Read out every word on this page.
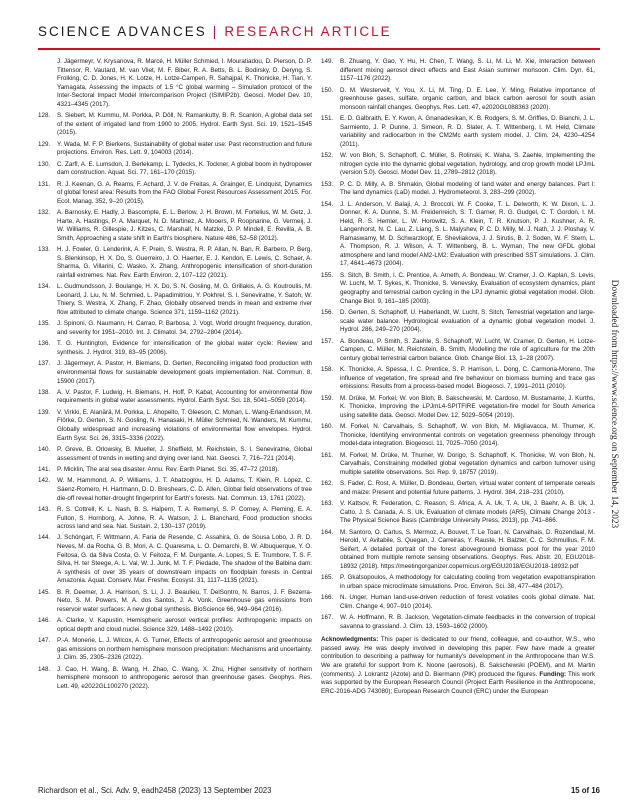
SCIENCE ADVANCES | RESEARCH ARTICLE
J. Jägermeyr, V. Krysanova, R. Marcé, H. Müller Schmied, I. Mouratiadou, D. Pierson, D. P. Tittensor, R. Vautard, M. van Vliet, M. F. Biber, R. A. Betts, B. L. Bodirsky, D. Deryng, S. Frolking, C. D. Jones, H. K. Lotze, H. Lotze-Campen, R. Sahajpal, K. Thonicke, H. Tian, Y. Yamagata, Assessing the impacts of 1.5 °C global warming – Simulation protocol of the Inter-Sectoral Impact Model Intercomparison Project (ISIMIP2b). Geosci. Model Dev. 10, 4321–4345 (2017).
128.	S. Siebert, M. Kummu, M. Porkka, P. Döll, N. Ramankutty, B. R. Scanlon, A global data set of the extent of irrigated land from 1900 to 2005. Hydrol. Earth Syst. Sci. 19, 1521–1545 (2015).
129.	Y. Wada, M. F. P. Bierkens, Sustainability of global water use: Past reconstruction and future projections. Environ. Res. Lett. 9, 104003 (2014).
130.	C. Zarfl, A. E. Lumsdon, J. Berlekamp, L. Tydecks, K. Tockner, A global boom in hydropower dam construction. Aquat. Sci. 77, 161–170 (2015).
131.	R. J. Keenan, G. A. Reams, F. Achard, J. V. de Freitas, A. Grainger, E. Lindquist, Dynamics of global forest area: Results from the FAO Global Forest Resources Assessment 2015. For. Ecol. Manag. 352, 9–20 (2015).
132.	A. Barnosky, E. Hadly, J. Bascompte, E. L. Berlow, J. H. Brown, M. Fortelius, W. M. Getz, J. Harte, A. Hastings, P. A. Marquet, N. D. Martinez, A. Mooers, P. Roopnarine, G. Vermeij, J. W. Williams, R. Gillespie, J. Kitzes, C. Marshall, N. Matzke, D. P. Mindell, E. Revilla, A. B. Smith, Approaching a state shift in Earth's biosphere. Nature 486, 52–58 (2012).
133.	H. J. Fowler, G. Lenderink, A. F. Prein, S. Westra, R. P. Allan, N. Ban, R. Barbero, P. Berg, S. Blenkinsop, H. X. Do, S. Guerreiro, J. O. Haerter, E. J. Kendon, E. Lewis, C. Schaer, A. Sharma, G. Villarini, C. Wasko, X. Zhang, Anthropogenic intensification of short-duration rainfall extremes. Nat. Rev. Earth Environ. 2, 107–122 (2021).
134.	L. Gudmundsson, J. Boulange, H. X. Do, S. N. Gosling, M. G. Grillakis, A. G. Koutroulis, M. Leonard, J. Liu, N. M. Schmied, L. Papadimitriou, Y. Pokhrel, S. I. Seneviratne, Y. Satoh, W. Thiery, S. Westra, X. Zhang, F. Zhao, Globally observed trends in mean and extreme river flow attributed to climate change. Science 371, 1159–1162 (2021).
135.	J. Spinoni, G. Naumann, H. Carrao, P. Barbosa, J. Vogt, World drought frequency, duration, and severity for 1951–2010. Int. J. Climatol. 34, 2792–2804 (2014).
136.	T. G. Huntington, Evidence for intensification of the global water cycle: Review and synthesis. J. Hydrol. 319, 83–95 (2006).
137.	J. Jägermeyr, A. Pastor, H. Biemans, D. Gerten, Reconciling irrigated food production with environmental flows for sustainable development goals implementation. Nat. Commun. 8, 15900 (2017).
138.	A. V. Pastor, F. Ludwig, H. Biemans, H. Hoff, P. Kabat, Accounting for environmental flow requirements in global water assessments. Hydrol. Earth Syst. Sci. 18, 5041–5059 (2014).
139.	V. Virkki, E. Alanärä, M. Porkka, L. Ahopelto, T. Gleeson, C. Mohan, L. Wang-Erlandsson, M. Flörke, D. Gerten, S. N. Gosling, N. Hanasaki, H. Müller Schmied, N. Wanders, M. Kummu, Globally widespread and increasing violations of environmental flow envelopes. Hydrol. Earth Syst. Sci. 26, 3315–3336 (2022).
140.	P. Greve, B. Orlowsky, B. Mueller, J. Sheffield, M. Reichstein, S. I. Seneviratne, Global assessment of trends in wetting and drying over land. Nat. Geosci. 7, 716–721 (2014).
141.	P. Micklin, The aral sea disaster. Annu. Rev. Earth Planet. Sci. 35, 47–72 (2018).
142.	W. M. Hammond, A. P. Williams, J. T. Abatzoglou, H. D. Adams, T. Klein, R. López, C. Sáenz-Romero, H. Hartmann, D. D. Breshears, C. D. Allen, Global field observations of tree die-off reveal hotter-drought fingerprint for Earth's forests. Nat. Commun. 13, 1761 (2022).
143.	R. S. Cottrell, K. L. Nash, B. S. Halpern, T. A. Remenyi, S. P. Corney, A. Fleming, E. A. Fulton, S. Hornborg, A. Johne, R. A. Watson, J. L. Blanchard, Food production shocks across land and sea. Nat. Sustain. 2, 130–137 (2019).
144.	J. Schöngart, F. Wittmann, A. Faria de Resende, C. Assahira, G. de Sousa Lobo, J. R. D. Neves, M. da Rocha, G. B. Mori, A. C. Quaresma, L. O. Demarchi, B. W. Albuquerque, Y. O. Feitosa, G. da Silva Costa, G. V. Feitoza, F. M. Durgante, A. Lopes, S. E. Trumbore, T. S. F. Silva, H. ter Steege, A. L. Val, W. J. Junk, M. T. F. Piedade, The shadow of the Balbina dam: A synthesis of over 35 years of downstream impacts on floodplain forests in Central Amazonia. Aquat. Conserv. Mar. Freshw. Ecosyst. 31, 1117–1135 (2021).
145.	B. R. Deemer, J. A. Harrison, S. Li, J. J. Beaulieu, T. DelSontro, N. Barros, J. F. Bezerra-Neto, S. M. Powers, M. A. dos Santos, J. A. Vonk, Greenhouse gas emissions from reservoir water surfaces: A new global synthesis. BioScience 66, 949–964 (2016).
146.	A. Clarke, V. Kapustin, Hemispheric aerosol vertical profiles: Anthropogenic impacts on optical depth and cloud nuclei. Science 329, 1488–1492 (2010).
147.	P.-A. Monerie, L. J. Wilcox, A. G. Turner, Effects of anthropogenic aerosol and greenhouse gas emissions on northern hemisphere monsoon precipitation: Mechanisms and uncertainty. J. Clim. 35, 2305–2326 (2022).
148.	J. Cao, H. Wang, B. Wang, H. Zhao, C. Wang, X. Zhu, Higher sensitivity of northern hemisphere monsoon to anthropogenic aerosol than greenhouse gases. Geophys. Res. Lett. 49, e2022GL100270 (2022).
149.	B. Zhuang, Y. Gao, Y. Hu, H. Chen, T. Wang, S. Li, M. Li, M. Xie, Interaction between different mixing aerosol direct effects and East Asian summer monsoon. Clim. Dyn. 61, 1157–1176 (2022).
150.	D. M. Westervelt, Y. You, X. Li, M. Ting, D. E. Lee, Y. Ming, Relative importance of greenhouse gases, sulfate, organic carbon, and black carbon aerosol for south asian monsoon rainfall changes. Geophys. Res. Lett. 47, e2020GL088363 (2020).
151.	E. D. Galbraith, E. Y. Kwon, A. Gnanadesikan, K. B. Rodgers, S. M. Griffies, D. Bianchi, J. L. Sarmiento, J. P. Dunne, J. Simeon, R. D. Slater, A. T. Wittenberg, I. M. Held, Climate variability and radiocarbon in the CM2Mc earth system model. J. Clim. 24, 4230–4254 (2011).
152.	W. von Bloh, S. Schaphoff, C. Müller, S. Rolinski, K. Waha, S. Zaehle, Implementing the nitrogen cycle into the dynamic global vegetation, hydrology, and crop growth model LPJmL (version 5.0). Geosci. Model Dev. 11, 2789–2812 (2018).
153.	P. C. D. Milly, A. B. Shmakin, Global modeling of land water and energy balances. Part I: The land dynamics (LaD) model. J. Hydrometeorol. 3, 283–299 (2002).
154.	J. L. Anderson, V. Balaji, A. J. Broccoli, W. F. Cooke, T. L. Delworth, K. W. Dixon, L. J. Donner, K. A. Dunne, S. M. Freidenreich, S. T. Garner, R. G. Gudgel, C. T. Gordon, I. M. Held, R. S. Hemler, L. W. Horowitz, S. A. Klein, T. R. Knutson, P. J. Kushner, A. R. Langenhorst, N. C. Lau, Z. Liang, S. L. Malyshev, P. C. D. Milly, M. J. Nath, J. J. Ploshay, V. Ramaswamy, M. D. Schwarzkopf, E. Shevliakova, J. J. Sirutis, B. J. Soden, W. F. Stern, L. A. Thompson, R. J. Wilson, A. T. Wittenberg, B. L. Wyman, The new GFDL global atmosphere and land model AM2-LM2: Evaluation with prescribed SST simulations. J. Clim. 17, 4641–4673 (2004).
155.	S. Sitch, B. Smith, I. C. Prentice, A. Arneth, A. Bondeau, W. Cramer, J. O. Kaplan, S. Levis, W. Lucht, M. T. Sykes, K. Thonicke, S. Venevsky, Evaluation of ecosystem dynamics, plant geography and terrestrial carbon cycling in the LPJ dynamic global vegetation model. Glob. Change Biol. 9, 161–185 (2003).
156.	D. Gerten, S. Schaphoff, U. Haberlandt, W. Lucht, S. Sitch, Terrestrial vegetation and large-scale water balance. Hydrological evaluation of a dynamic global vegetation model. J. Hydrol. 286, 249–270 (2004).
157.	A. Bondeau, P. Smith, S. Zaehle, S. Schaphoff, W. Lucht, W. Cramer, D. Gerten, H. Lotze-Campen, C. Müller, M. Reichstein, B. Smith, Modelling the role of agriculture for the 20th century global terrestrial carbon balance. Glob. Change Biol. 13, 1–28 (2007).
158.	K. Thonicke, A. Spessa, I. C. Prentice, S. P. Harrison, L. Dong, C. Carmona-Moreno, The influence of vegetation, fire spread and fire behaviour on biomass burning and trace gas emissions: Results from a process-based model. Biogeosci. 7, 1991–2011 (2010).
159.	M. Drüke, M. Forkel, W. von Bloh, B. Sakschewski, M. Cardoso, M. Bustamante, J. Kurths, K. Thonicke, Improving the LPJmL4-SPITFIRE vegetation-fire model for South America using satellite data. Geosci. Model Dev. 12, 5029–5054 (2019).
160.	M. Forkel, N. Carvalhais, S. Schaphoff, W. von Bloh, M. Migliavacca, M. Thurner, K. Thonicke, Identifying environmental controls on vegetation greenness phenology through model-data integration. Biogeosci. 11, 7025–7050 (2014).
161.	M. Forkel, M. Drüke, M. Thurner, W. Dorigo, S. Schaphoff, K. Thonicke, W. von Bloh, N. Carvalhais, Constraining modelled global vegetation dynamics and carbon turnover using multiple satellite observations. Sci. Rep. 9, 18757 (2019).
162.	S. Fader, C. Rost, A. Müller, D. Bondeau, Gerten, virtual water content of temperate cereals and maize: Present and potential future patterns. J. Hydrol. 384, 218–231 (2010).
163.	V. Kattsov, R. Federation, C. Reason, S. Africa, A. A. Uk, T. A. Uk, J. Baehr, A. B. Uk, J. Catto, J. S. Canada, A. S. Uk, Evaluation of climate models (AR5), Climate Change 2013 - The Physical Science Basis (Cambridge University Press, 2013), pp. 741–866.
164.	M. Santoro, O. Cartus, S. Mermoz, A. Bouvet, T. Le Toan, N. Carvalhais, D. Rozendaal, M. Herold, V. Avitabile, S. Quegan, J. Carreiras, Y. Rauste, H. Balzter, C. C. Schmullius, F. M. Seifert, A detailed portrait of the forest aboveground biomass pool for the year 2010 obtained from multiple remote sensing observations. Geophys. Res. Abstr. 20, EGU2018-18932 (2018). https://meetingorganizer.copernicus.org/EGU2018/EGU2018-18932.pdf
165.	P. Gkatsopoulos, A methodology for calculating cooling from vegetation evapotranspiration in urban space microclimate simulations. Proc. Environ. Sci. 38, 477–484 (2017).
166.	N. Unger, Human land-use-driven reduction of forest volatiles cools global climate. Nat. Clim. Change 4, 907–910 (2014).
167.	W. A. Hoffmann, R. B. Jackson, Vegetation-climate feedbacks in the conversion of tropical savanna to grassland. J. Clim. 13, 1593–1602 (2000).
Acknowledgments: This paper is dedicated to our friend, colleague, and co-author, W.S., who passed away. He was deeply involved in developing this paper. Few have made a greater contribution to describing a pathway for humanity's development in the Anthropocene than W.S. We are grateful for support from K. Noone (aerosols), B. Sakschewski (POEM), and M. Martin (comments). J. Lokrantz (Azote) and D. Biermann (PIK) produced the figures. Funding: This work was supported by the European Research Council (Project Earth Resilience in the Anthropocene, ERC-2016-ADG 743080); European Research Council (ERC) under the European
Downloaded from https://www.science.org on September 14, 2023
Richardson et al., Sci. Adv. 9, eadh2458 (2023) 13 September 2023	15 of 16
